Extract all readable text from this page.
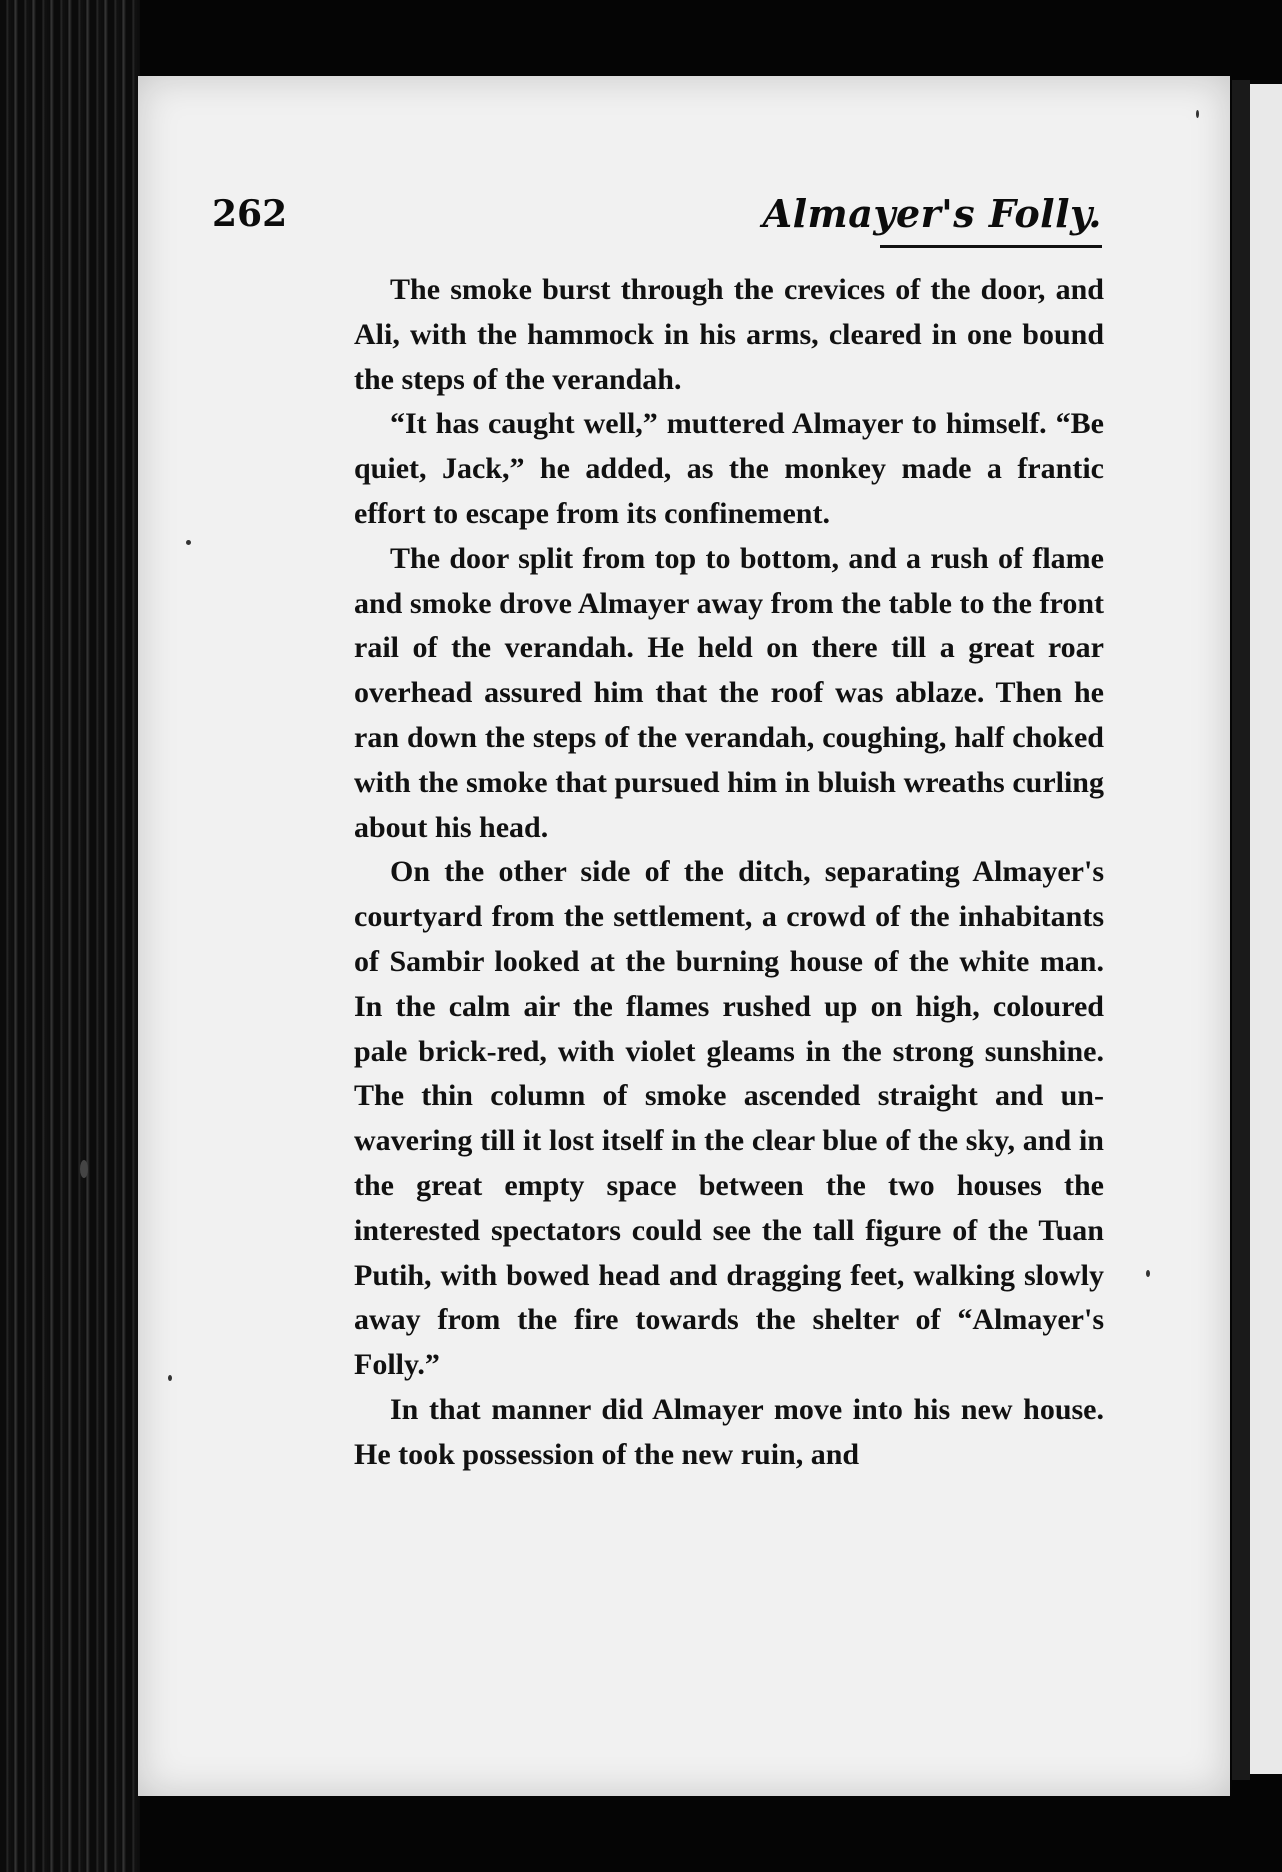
262	Almayer's Folly.

The smoke burst through the crevices of the door, and Ali, with the hammock in his arms, cleared in one bound the steps of the verandah.

“It has caught well,” muttered Almayer to himself. “Be quiet, Jack,” he added, as the monkey made a frantic effort to escape from its confinement.

The door split from top to bottom, and a rush of flame and smoke drove Almayer away from the table to the front rail of the verandah. He held on there till a great roar overhead assured him that the roof was ablaze. Then he ran down the steps of the verandah, coughing, half choked with the smoke that pursued him in bluish wreaths curling about his head.

On the other side of the ditch, separating Almayer's courtyard from the settlement, a crowd of the inhabitants of Sambir looked at the burning house of the white man. In the calm air the flames rushed up on high, coloured pale brick-red, with violet gleams in the strong sunshine. The thin column of smoke ascended straight and unwavering till it lost itself in the clear blue of the sky, and in the great empty space between the two houses the interested spectators could see the tall figure of the Tuan Putih, with bowed head and dragging feet, walking slowly away from the fire towards the shelter of “Almayer's Folly.”

In that manner did Almayer move into his new house. He took possession of the new ruin, and
